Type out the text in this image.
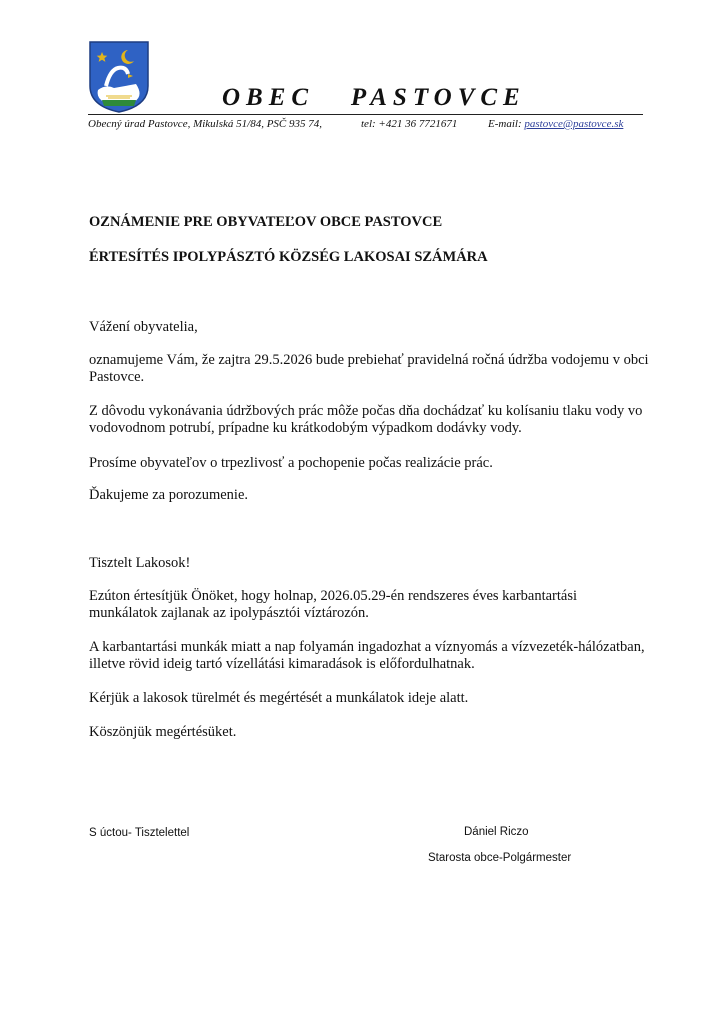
OBEC   PASTOVCE
Obecný úrad Pastovce, Mikulská 51/84, PSČ 935 74,	tel: +421 36 7721671	E-mail: pastovce@pastovce.sk
OZNÁMENIE PRE OBYVATEĽOV OBCE PASTOVCE
ÉRTESÍTÉS IPOLYPÁSZTÓ KÖZSÉG LAKOSAI SZÁMÁRA
Vážení obyvatelia,
oznamujeme Vám, že zajtra 29.5.2026 bude prebiehať pravidelná ročná údržba vodojemu v obci Pastovce.
Z dôvodu vykonávania údržbových prác môže počas dňa dochádzať ku kolísaniu tlaku vody vo vodovodnom potrubí, prípadne ku krátkodobým výpadkom dodávky vody.
Prosíme obyvateľov o trpezlivosť a pochopenie počas realizácie prác.
Ďakujeme za porozumenie.
Tisztelt Lakosok!
Ezúton értesítjük Önöket, hogy holnap, 2026.05.29-én rendszeres éves karbantartási munkálatok zajlanak az ipolypásztói víztározón.
A karbantartási munkák miatt a nap folyamán ingadozhat a víznyomás a vízvezeték-hálózatban, illetve rövid ideig tartó vízellátási kimaradások is előfordulhatnak.
Kérjük a lakosok türelmét és megértését a munkálatok ideje alatt.
Köszönjük megértésüket.
S úctou- Tisztelettel	Dániel Riczo
Starosta obce-Polgármester
